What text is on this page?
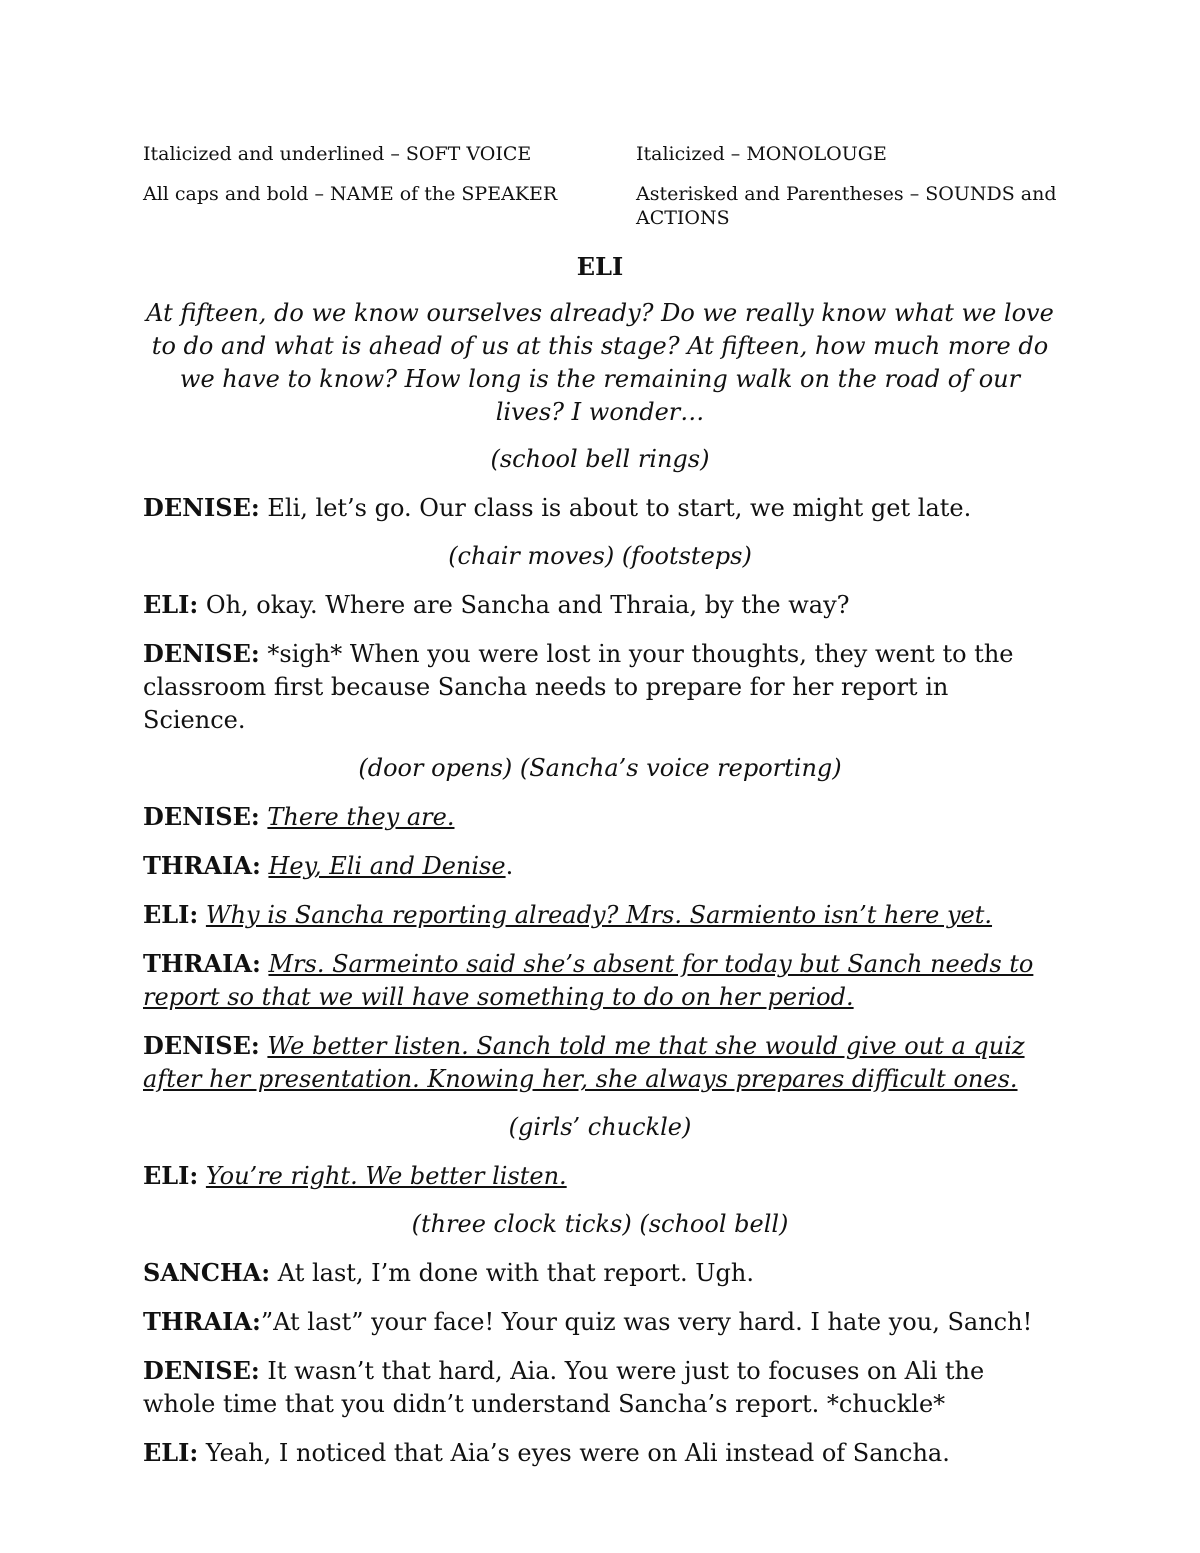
Italicized and underlined – SOFT VOICE	Italicized – MONOLOUGE
All caps and bold – NAME of the SPEAKER	Asterisked and Parentheses – SOUNDS and ACTIONS

ELI

At fifteen, do we know ourselves already? Do we really know what we love to do and what is ahead of us at this stage? At fifteen, how much more do we have to know? How long is the remaining walk on the road of our lives? I wonder…

(school bell rings)

DENISE: Eli, let’s go. Our class is about to start, we might get late.

(chair moves) (footsteps)

ELI: Oh, okay. Where are Sancha and Thraia, by the way?

DENISE: *sigh* When you were lost in your thoughts, they went to the classroom first because Sancha needs to prepare for her report in Science.

(door opens) (Sancha’s voice reporting)

DENISE: There they are.

THRAIA: Hey, Eli and Denise.

ELI: Why is Sancha reporting already? Mrs. Sarmiento isn’t here yet.

THRAIA: Mrs. Sarmeinto said she’s absent for today but Sanch needs to report so that we will have something to do on her period.

DENISE: We better listen. Sanch told me that she would give out a quiz after her presentation. Knowing her, she always prepares difficult ones.

(girls’ chuckle)

ELI: You’re right. We better listen.

(three clock ticks) (school bell)

SANCHA: At last, I’m done with that report. Ugh.

THRAIA:”At last” your face! Your quiz was very hard. I hate you, Sanch!

DENISE: It wasn’t that hard, Aia. You were just to focuses on Ali the whole time that you didn’t understand Sancha’s report. *chuckle*

ELI: Yeah, I noticed that Aia’s eyes were on Ali instead of Sancha.
